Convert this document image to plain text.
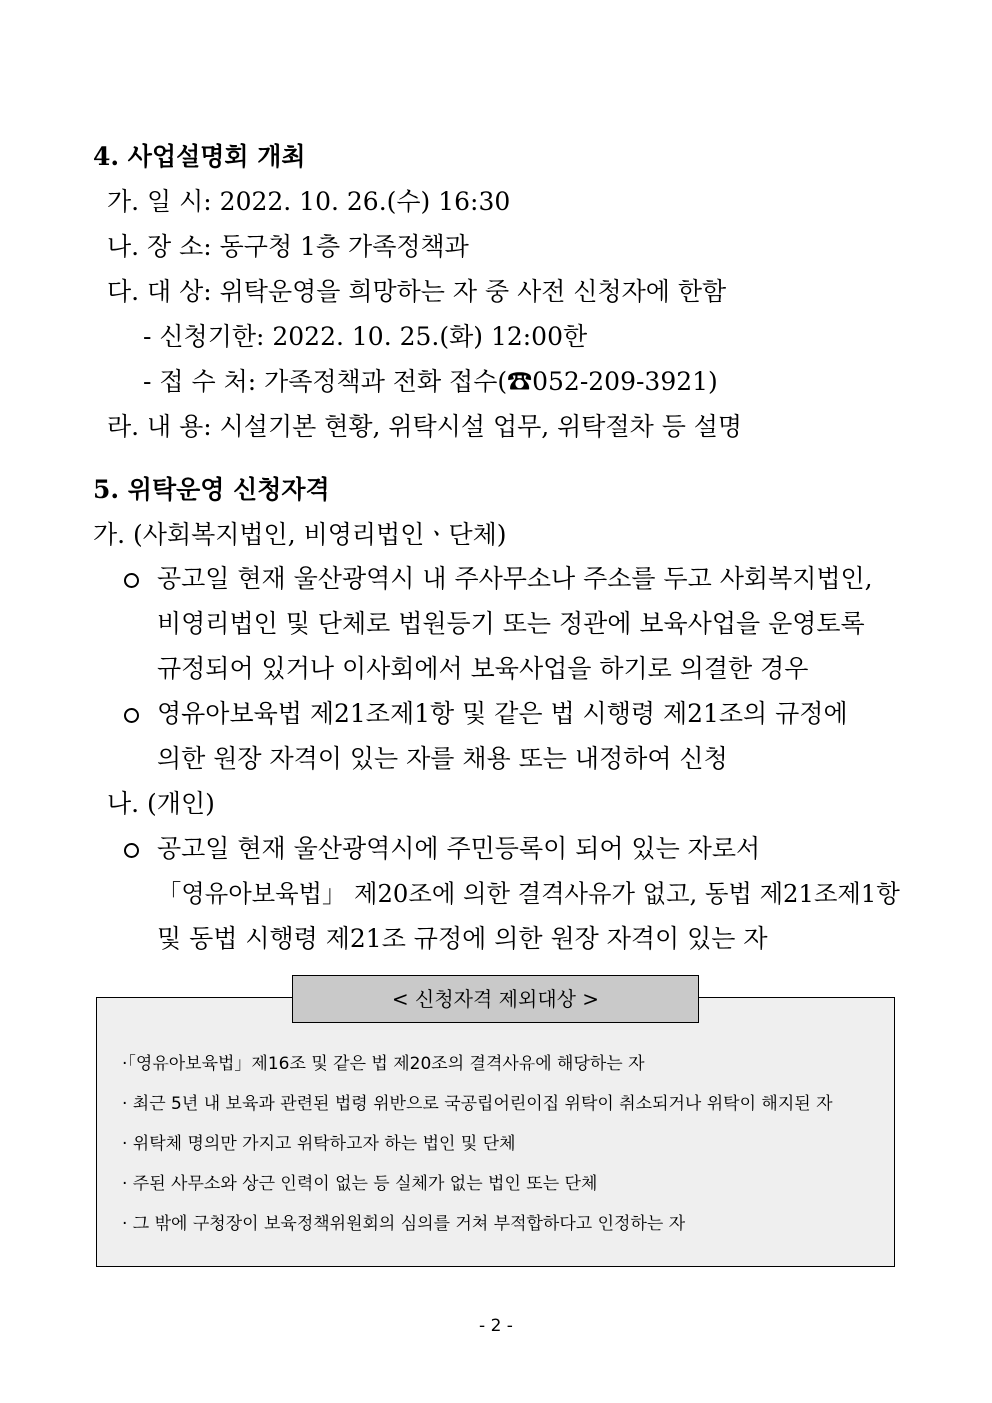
4. 사업설명회 개최
가. 일 시: 2022. 10. 26.(수) 16:30
나. 장 소: 동구청 1층 가족정책과
다. 대 상: 위탁운영을 희망하는 자 중 사전 신청자에 한함
- 신청기한: 2022. 10. 25.(화) 12:00한
- 접 수 처: 가족정책과 전화 접수(☎052-209-3921)
라. 내 용: 시설기본 현황, 위탁시설 업무, 위탁절차 등 설명
5. 위탁운영 신청자격
가. (사회복지법인, 비영리법인ㆍ단체)
공고일 현재 울산광역시 내 주사무소나 주소를 두고 사회복지법인,
비영리법인 및 단체로 법원등기 또는 정관에 보육사업을 운영토록
규정되어 있거나 이사회에서 보육사업을 하기로 의결한 경우
영유아보육법 제21조제1항 및 같은 법 시행령 제21조의 규정에
의한 원장 자격이 있는 자를 채용 또는 내정하여 신청
나. (개인)
공고일 현재 울산광역시에 주민등록이 되어 있는 자로서
「영유아보육법」 제20조에 의한 결격사유가 없고, 동법 제21조제1항
및 동법 시행령 제21조 규정에 의한 원장 자격이 있는 자
< 신청자격 제외대상 >
·「영유아보육법」제16조 및 같은 법 제20조의 결격사유에 해당하는 자
· 최근 5년 내 보육과 관련된 법령 위반으로 국공립어린이집 위탁이 취소되거나 위탁이 해지된 자
· 위탁체 명의만 가지고 위탁하고자 하는 법인 및 단체
· 주된 사무소와 상근 인력이 없는 등 실체가 없는 법인 또는 단체
· 그 밖에 구청장이 보육정책위원회의 심의를 거쳐 부적합하다고 인정하는 자
- 2 -
